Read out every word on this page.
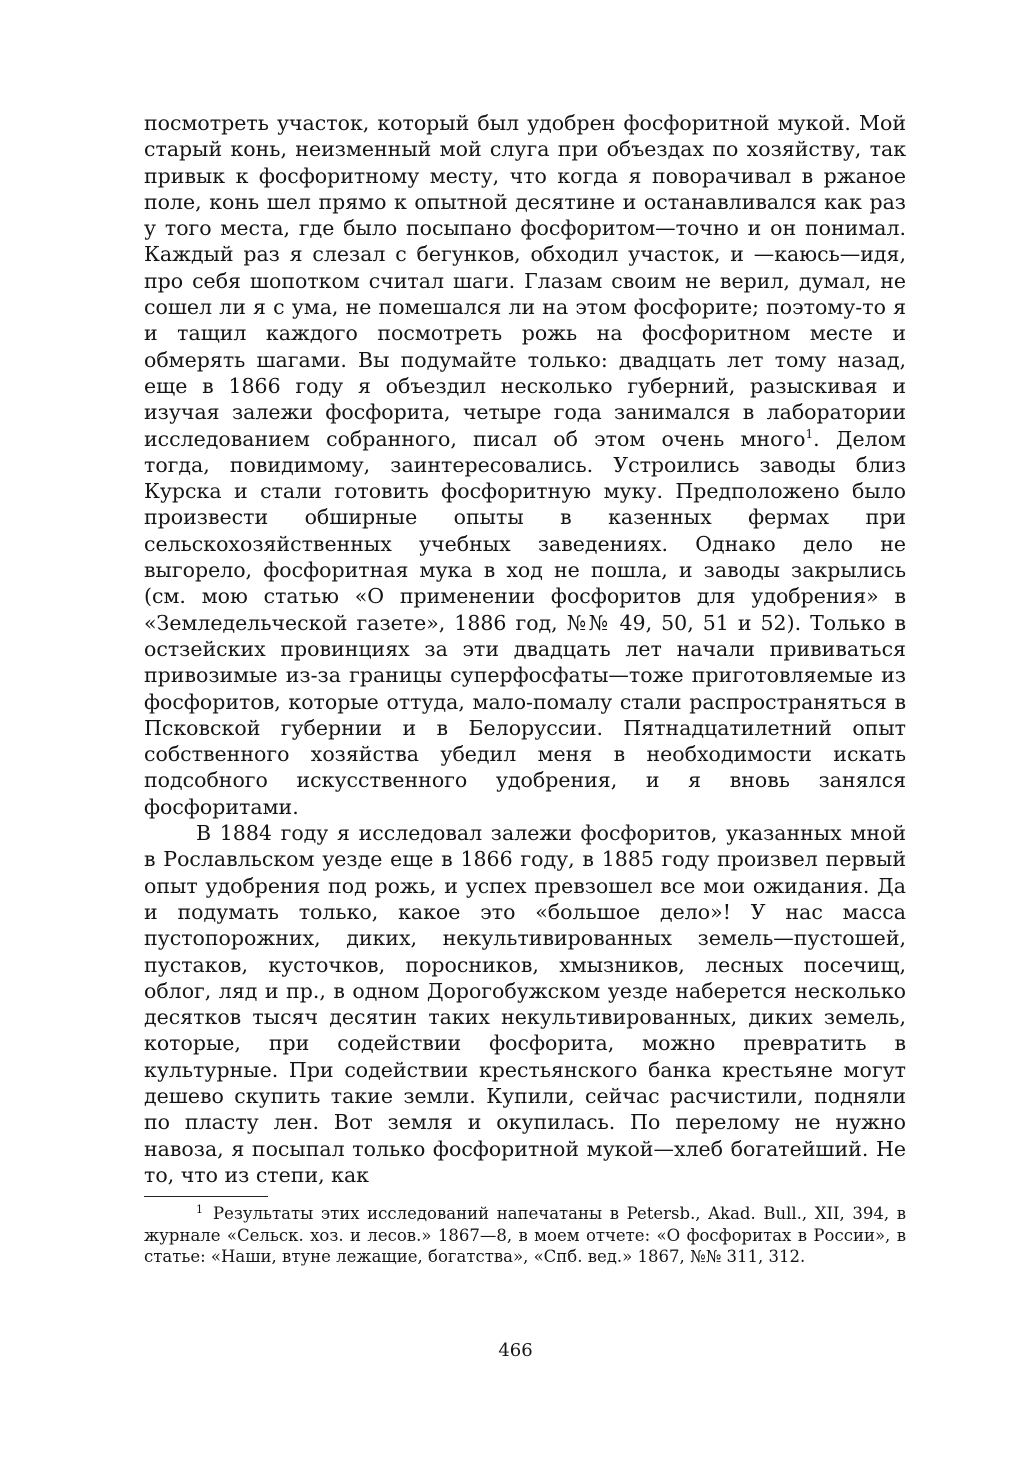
посмотреть участок, который был удобрен фосфоритной мукой. Мой старый конь, неизменный мой слуга при объездах по хозяйству, так привык к фосфоритному месту, что когда я поворачивал в ржаное поле, конь шел прямо к опытной десятине и останавливался как раз у того места, где было посыпано фосфоритом—точно и он понимал. Каждый раз я слезал с бегунков, обходил участок, и —каюсь—идя, про себя шопотком считал шаги. Глазам своим не верил, думал, не сошел ли я с ума, не помешался ли на этом фосфорите; поэтому-то я и тащил каждого посмотреть рожь на фосфоритном месте и обмерять шагами. Вы подумайте только: двадцать лет тому назад, еще в 1866 году я объездил несколько губерний, разыскивая и изучая залежи фосфорита, четыре года занимался в лаборатории исследованием собранного, писал об этом очень много$^1$. Делом тогда, повидимому, заинтересовались. Устроились заводы близ Курска и стали готовить фосфоритную муку. Предположено было произвести обширные опыты в казенных фермах при сельскохозяйственных учебных заведениях. Однако дело не выгорело, фосфоритная мука в ход не пошла, и заводы закрылись (см. мою статью «О применении фосфоритов для удобрения» в «Земледельческой газете», 1886 год, №№ 49, 50, 51 и 52). Только в остзейских провинциях за эти двадцать лет начали прививаться привозимые из-за границы суперфосфаты—тоже приготовляемые из фосфоритов, которые оттуда, мало-помалу стали распространяться в Псковской губернии и в Белоруссии. Пятнадцатилетний опыт собственного хозяйства убедил меня в необходимости искать подсобного искусственного удобрения, и я вновь занялся фосфоритами.

В 1884 году я исследовал залежи фосфоритов, указанных мной в Рославльском уезде еще в 1866 году, в 1885 году произвел первый опыт удобрения под рожь, и успех превзошел все мои ожидания. Да и подумать только, какое это «большое дело»! У нас масса пустопорожних, диких, некультивированных земель—пустошей, пустаков, кусточков, поросников, хмызников, лесных посечищ, облог, ляд и пр., в одном Дорогобужском уезде наберется несколько десятков тысяч десятин таких некультивированных, диких земель, которые, при содействии фосфорита, можно превратить в культурные. При содействии крестьянского банка крестьяне могут дешево скупить такие земли. Купили, сейчас расчистили, подняли по пласту лен. Вот земля и окупилась. По перелому не нужно навоза, я посыпал только фосфоритной мукой—хлеб богатейший. Не то, что из степи, как

$^1$ Результаты этих исследований напечатаны в Petersb., Akad. Bull., XII, 394, в журнале «Сельск. хоз. и лесов.» 1867—8, в моем отчете: «О фосфоритах в России», в статье: «Наши, втуне лежащие, богатства», «Спб. вед.» 1867, №№ 311, 312.
466
